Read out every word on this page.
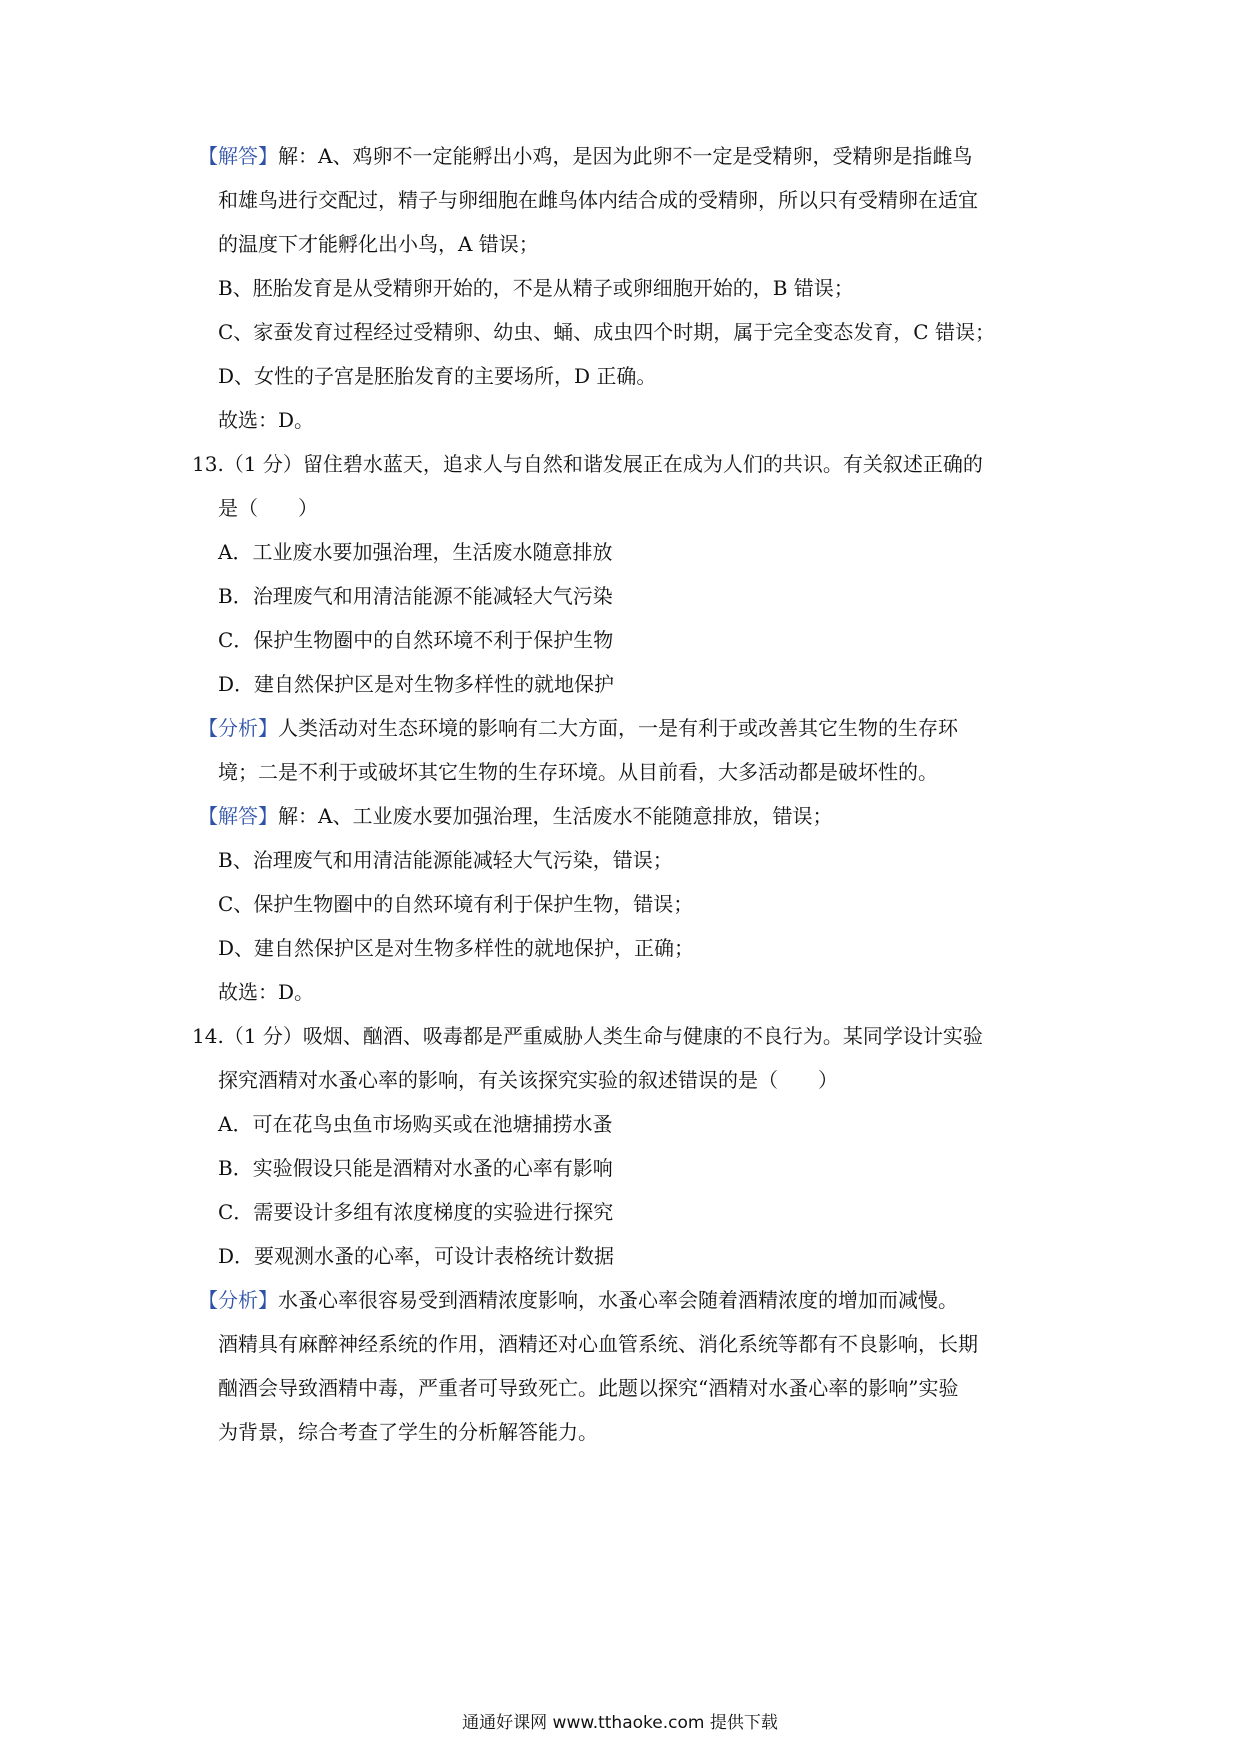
【解答】解：A、鸡卵不一定能孵出小鸡，是因为此卵不一定是受精卵，受精卵是指雌鸟
和雄鸟进行交配过，精子与卵细胞在雌鸟体内结合成的受精卵，所以只有受精卵在适宜
的温度下才能孵化出小鸟，A 错误；
B、胚胎发育是从受精卵开始的，不是从精子或卵细胞开始的，B 错误；
C、家蚕发育过程经过受精卵、幼虫、蛹、成虫四个时期，属于完全变态发育，C 错误；
D、女性的子宫是胚胎发育的主要场所，D 正确。
故选：D。
13.（1 分）留住碧水蓝天，追求人与自然和谐发展正在成为人们的共识。有关叙述正确的
是（　　）
A．工业废水要加强治理，生活废水随意排放
B．治理废气和用清洁能源不能减轻大气污染
C．保护生物圈中的自然环境不利于保护生物
D．建自然保护区是对生物多样性的就地保护
【分析】人类活动对生态环境的影响有二大方面，一是有利于或改善其它生物的生存环
境；二是不利于或破坏其它生物的生存环境。从目前看，大多活动都是破坏性的。
【解答】解：A、工业废水要加强治理，生活废水不能随意排放，错误；
B、治理废气和用清洁能源能减轻大气污染，错误；
C、保护生物圈中的自然环境有利于保护生物，错误；
D、建自然保护区是对生物多样性的就地保护，正确；
故选：D。
14.（1 分）吸烟、酗酒、吸毒都是严重威胁人类生命与健康的不良行为。某同学设计实验
探究酒精对水蚤心率的影响，有关该探究实验的叙述错误的是（　　）
A．可在花鸟虫鱼市场购买或在池塘捕捞水蚤
B．实验假设只能是酒精对水蚤的心率有影响
C．需要设计多组有浓度梯度的实验进行探究
D．要观测水蚤的心率，可设计表格统计数据
【分析】水蚤心率很容易受到酒精浓度影响，水蚤心率会随着酒精浓度的增加而减慢。
酒精具有麻醉神经系统的作用，酒精还对心血管系统、消化系统等都有不良影响，长期
酗酒会导致酒精中毒，严重者可导致死亡。此题以探究“酒精对水蚤心率的影响”实验
为背景，综合考查了学生的分析解答能力。
通通好课网 www.tthaoke.com 提供下载
